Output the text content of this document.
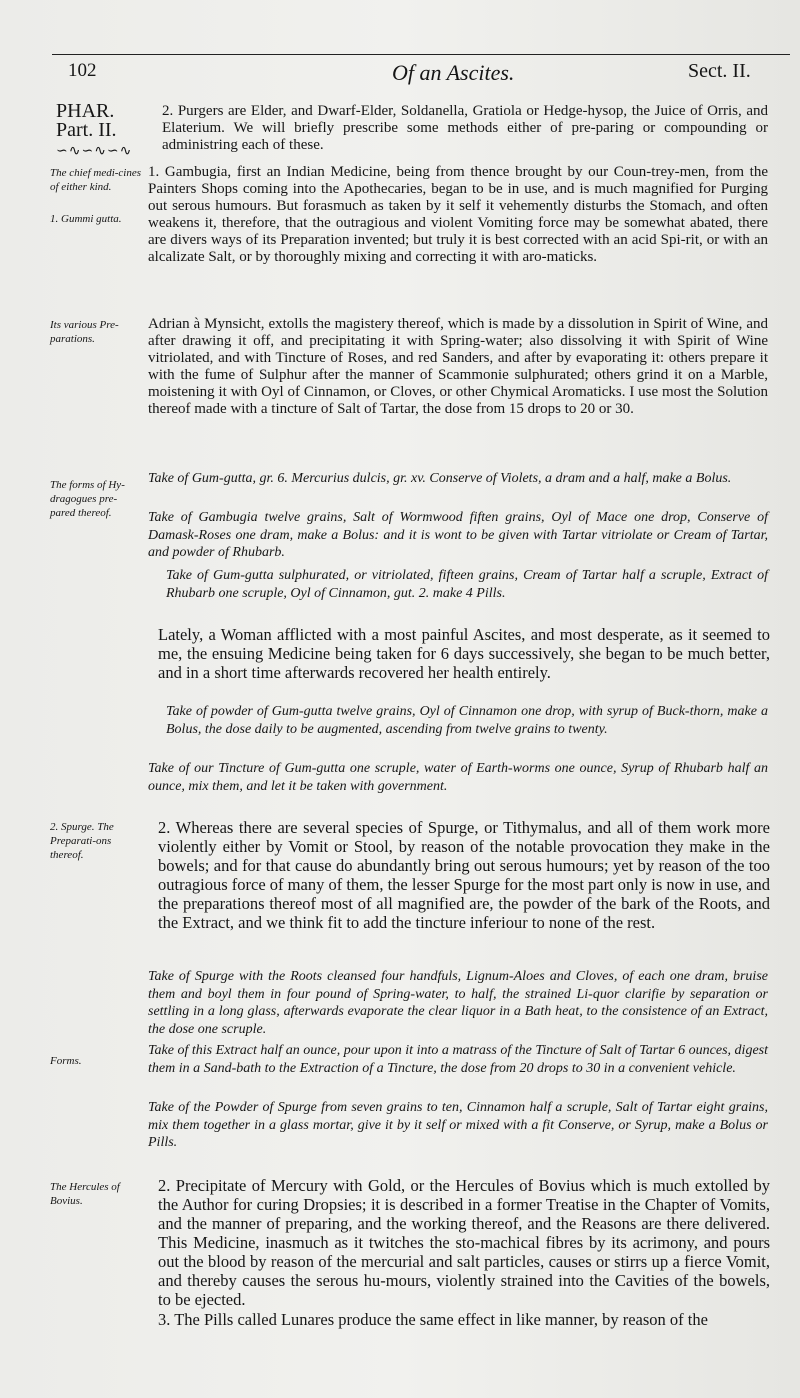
102	Of an Ascites.	Sect. II.
PHAR.
Part. II.
∽∿∽∿∽∿
The chief medi-cines of either kind.
1. Gummi gutta.
Its various Pre-parations.
The forms of Hy-dragogues pre-pared thereof.
2. Spurge. The Preparati-ons thereof.
Forms.
The Hercules of Bovius.

2. Purgers are Elder, and Dwarf-Elder, Soldanella, Gratiola or Hedge-hysop, the Juice of Orris, and Elaterium. We will briefly prescribe some methods either of pre-paring or compounding or administring each of these.

1. Gambugia, first an Indian Medicine, being from thence brought by our Coun-trey-men, from the Painters Shops coming into the Apothecaries, began to be in use, and is much magnified for Purging out serous humours. But forasmuch as taken by it self it vehemently disturbs the Stomach, and often weakens it, therefore, that the outragious and violent Vomiting force may be somewhat abated, there are divers ways of its Preparation invented; but truly it is best corrected with an acid Spi-rit, or with an alcalizate Salt, or by thoroughly mixing and correcting it with aro-maticks.

Adrian à Mynsicht, extolls the magistery thereof, which is made by a dissolution in Spirit of Wine, and after drawing it off, and precipitating it with Spring-water; also dissolving it with Spirit of Wine vitriolated, and with Tincture of Roses, and red Sanders, and after by evaporating it: others prepare it with the fume of Sulphur after the manner of Scammonie sulphurated; others grind it on a Marble, moistening it with Oyl of Cinnamon, or Cloves, or other Chymical Aromaticks. I use most the Solution thereof made with a tincture of Salt of Tartar, the dose from 15 drops to 20 or 30.

Take of Gum-gutta, gr. 6. Mercurius dulcis, gr. xv. Conserve of Violets, a dram and a half, make a Bolus.

Take of Gambugia twelve grains, Salt of Wormwood fiften grains, Oyl of Mace one drop, Conserve of Damask-Roses one dram, make a Bolus: and it is wont to be given with Tartar vitriolate or Cream of Tartar, and powder of Rhubarb.

Take of Gum-gutta sulphurated, or vitriolated, fifteen grains, Cream of Tartar half a scruple, Extract of Rhubarb one scruple, Oyl of Cinnamon, gut. 2. make 4 Pills.

Lately, a Woman afflicted with a most painful Ascites, and most desperate, as it seemed to me, the ensuing Medicine being taken for 6 days successively, she began to be much better, and in a short time afterwards recovered her health entirely.

Take of powder of Gum-gutta twelve grains, Oyl of Cinnamon one drop, with syrup of Buck-thorn, make a Bolus, the dose daily to be augmented, ascending from twelve grains to twenty.

Take of our Tincture of Gum-gutta one scruple, water of Earth-worms one ounce, Syrup of Rhubarb half an ounce, mix them, and let it be taken with government.

2. Whereas there are several species of Spurge, or Tithymalus, and all of them work more violently either by Vomit or Stool, by reason of the notable provocation they make in the bowels; and for that cause do abundantly bring out serous humours; yet by reason of the too outragious force of many of them, the lesser Spurge for the most part only is now in use, and the preparations thereof most of all magnified are, the powder of the bark of the Roots, and the Extract, and we think fit to add the tincture inferiour to none of the rest.

Take of Spurge with the Roots cleansed four handfuls, Lignum-Aloes and Cloves, of each one dram, bruise them and boyl them in four pound of Spring-water, to half, the strained Li-quor clarifie by separation or settling in a long glass, afterwards evaporate the clear liquor in a Bath heat, to the consistence of an Extract, the dose one scruple.

Take of this Extract half an ounce, pour upon it into a matrass of the Tincture of Salt of Tartar 6 ounces, digest them in a Sand-bath to the Extraction of a Tincture, the dose from 20 drops to 30 in a convenient vehicle.

Take of the Powder of Spurge from seven grains to ten, Cinnamon half a scruple, Salt of Tartar eight grains, mix them together in a glass mortar, give it by it self or mixed with a fit Conserve, or Syrup, make a Bolus or Pills.

2. Precipitate of Mercury with Gold, or the Hercules of Bovius which is much extolled by the Author for curing Dropsies; it is described in a former Treatise in the Chapter of Vomits, and the manner of preparing, and the working thereof, and the Reasons are there delivered. This Medicine, inasmuch as it twitches the sto-machical fibres by its acrimony, and pours out the blood by reason of the mercurial and salt particles, causes or stirrs up a fierce Vomit, and thereby causes the serous hu-mours, violently strained into the Cavities of the bowels, to be ejected.

3. The Pills called Lunares produce the same effect in like manner, by reason of the
